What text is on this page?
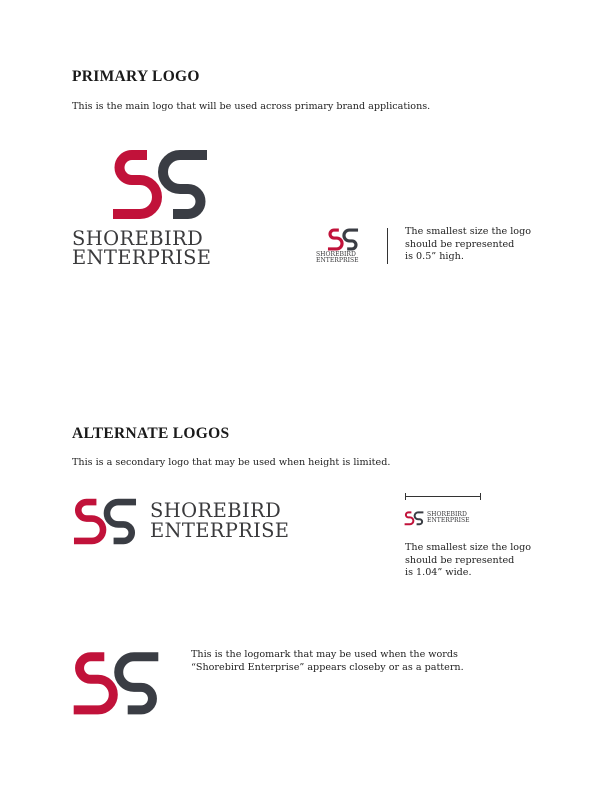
PRIMARY LOGO

This is the main logo that will be used across primary brand applications.

SHOREBIRD
ENTERPRISE	SHOREBIRD
ENTERPRISE
The smallest size the logo
should be represented
is 0.5” high.
ALTERNATE LOGOS

This is a secondary logo that may be used when height is limited.

SHOREBIRD
ENTERPRISE
SHOREBIRD
ENTERPRISE
The smallest size the logo
should be represented
is 1.04” wide.
This is the logomark that may be used when the words
“Shorebird Enterprise” appears closeby or as a pattern.
